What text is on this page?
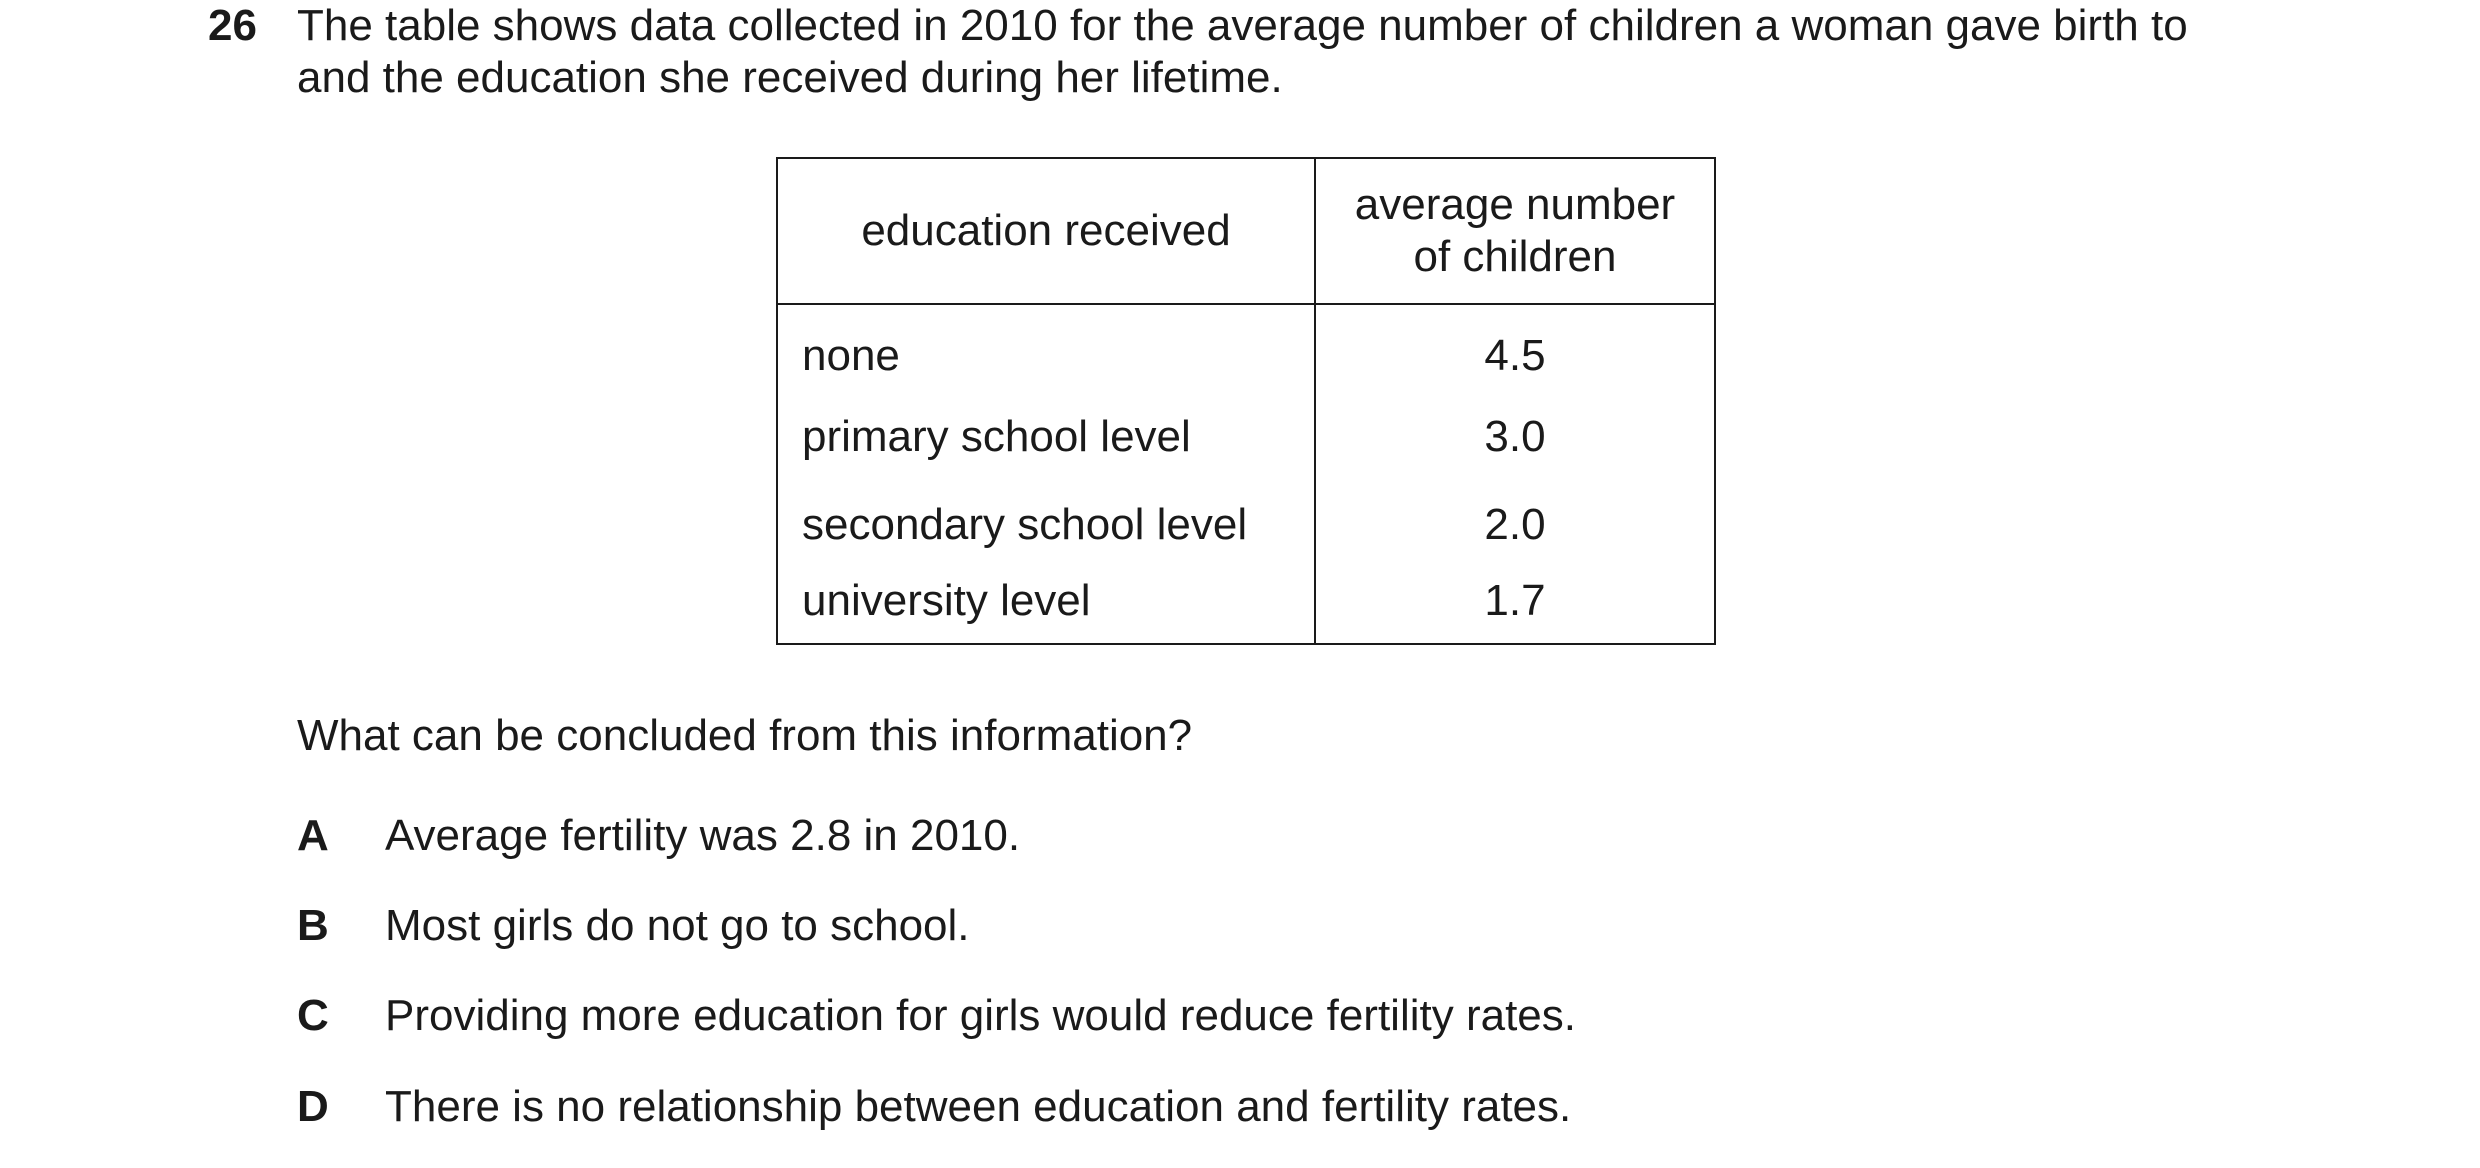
26 The table shows data collected in 2010 for the average number of children a woman gave birth to
and the education she received during her lifetime.
education received	average number
of children

none	4.5
primary school level	3.0
secondary school level	2.0
university level	1.7
What can be concluded from this information?
A Average fertility was 2.8 in 2010.
B Most girls do not go to school.
C Providing more education for girls would reduce fertility rates.
D There is no relationship between education and fertility rates.
